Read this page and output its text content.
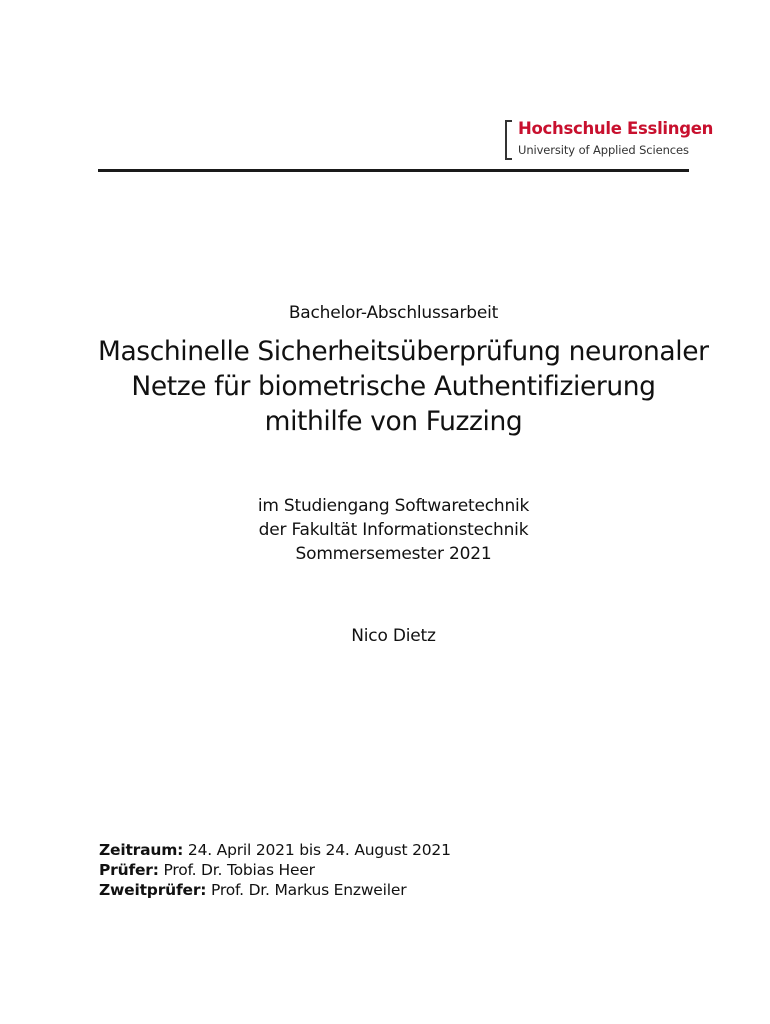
Hochschule Esslingen
University of Applied Sciences
Bachelor-Abschlussarbeit
Maschinelle Sicherheitsüberprüfung neuronaler
Netze für biometrische Authentifizierung
mithilfe von Fuzzing
im Studiengang Softwaretechnik
der Fakultät Informationstechnik
Sommersemester 2021
Nico Dietz
Zeitraum: 24. April 2021 bis 24. August 2021
Prüfer: Prof. Dr. Tobias Heer
Zweitprüfer: Prof. Dr. Markus Enzweiler
